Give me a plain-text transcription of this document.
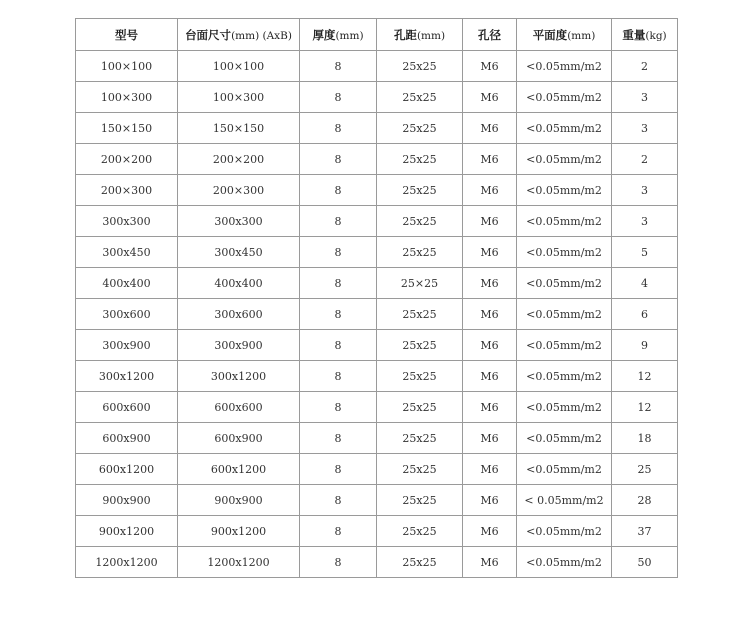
型号	台面尺寸(mm) (AxB)	厚度(mm)	孔距(mm)	孔径	平面度(mm)	重量(kg)
100×100	100×100	8	25x25	M6	<0.05mm/m2	2
100×300	100×300	8	25x25	M6	<0.05mm/m2	3
150×150	150×150	8	25x25	M6	<0.05mm/m2	3
200×200	200×200	8	25x25	M6	<0.05mm/m2	2
200×300	200×300	8	25x25	M6	<0.05mm/m2	3
300x300	300x300	8	25x25	M6	<0.05mm/m2	3
300x450	300x450	8	25x25	M6	<0.05mm/m2	5
400x400	400x400	8	25×25	M6	<0.05mm/m2	4
300x600	300x600	8	25x25	M6	<0.05mm/m2	6
300x900	300x900	8	25x25	M6	<0.05mm/m2	9
300x1200	300x1200	8	25x25	M6	<0.05mm/m2	12
600x600	600x600	8	25x25	M6	<0.05mm/m2	12
600x900	600x900	8	25x25	M6	<0.05mm/m2	18
600x1200	600x1200	8	25x25	M6	<0.05mm/m2	25
900x900	900x900	8	25x25	M6	< 0.05mm/m2	28
900x1200	900x1200	8	25x25	M6	<0.05mm/m2	37
1200x1200	1200x1200	8	25x25	M6	<0.05mm/m2	50
